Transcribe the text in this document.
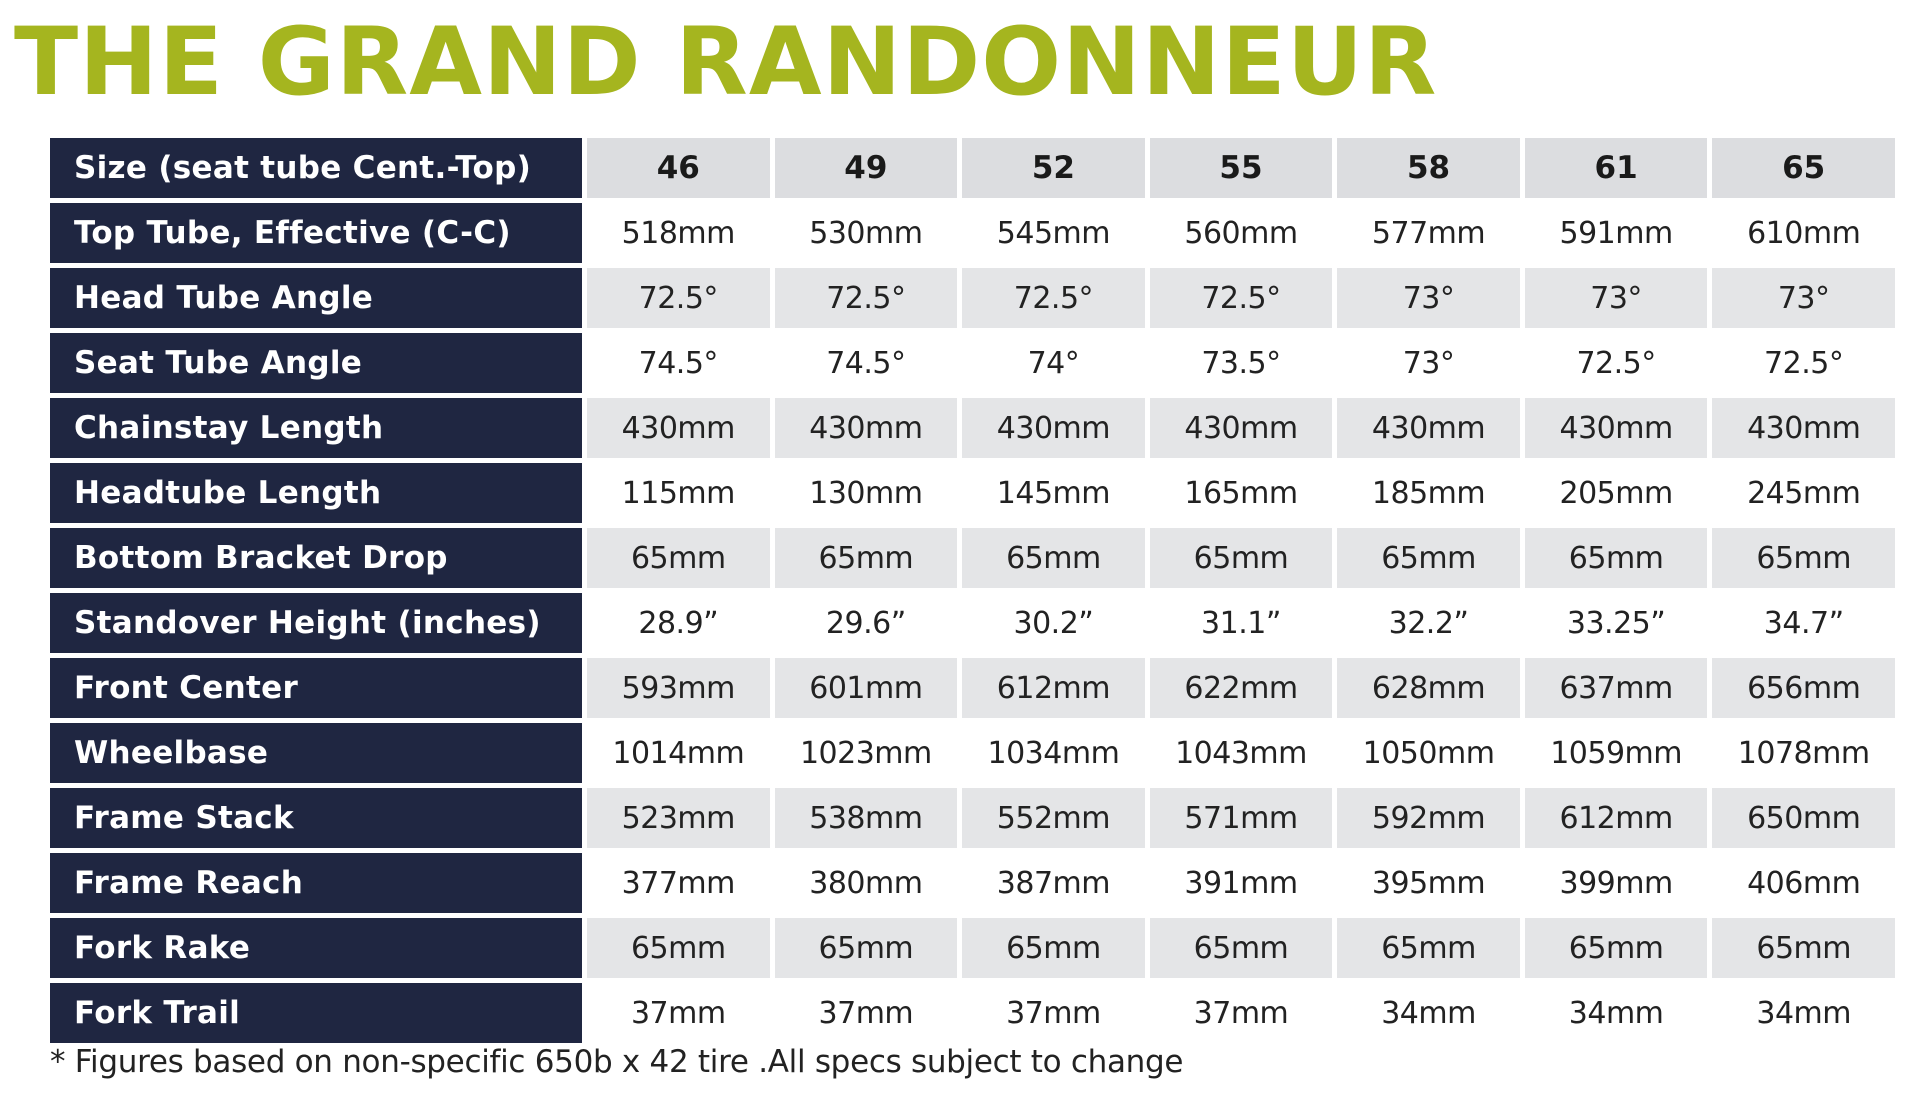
THE GRAND RANDONNEUR
Size (seat tube Cent.-Top)	46	49	52	55	58	61	65
Top Tube, Effective (C-C)	518mm	530mm	545mm	560mm	577mm	591mm	610mm
Head Tube Angle	72.5°	72.5°	72.5°	72.5°	73°	73°	73°
Seat Tube Angle	74.5°	74.5°	74°	73.5°	73°	72.5°	72.5°
Chainstay Length	430mm	430mm	430mm	430mm	430mm	430mm	430mm
Headtube Length	115mm	130mm	145mm	165mm	185mm	205mm	245mm
Bottom Bracket Drop	65mm	65mm	65mm	65mm	65mm	65mm	65mm
Standover Height (inches)	28.9”	29.6”	30.2”	31.1”	32.2”	33.25”	34.7”
Front Center	593mm	601mm	612mm	622mm	628mm	637mm	656mm
Wheelbase	1014mm	1023mm	1034mm	1043mm	1050mm	1059mm	1078mm
Frame Stack	523mm	538mm	552mm	571mm	592mm	612mm	650mm
Frame Reach	377mm	380mm	387mm	391mm	395mm	399mm	406mm
Fork Rake	65mm	65mm	65mm	65mm	65mm	65mm	65mm
Fork Trail	37mm	37mm	37mm	37mm	34mm	34mm	34mm

* Figures based on non-specific 650b x 42 tire .All specs subject to change
